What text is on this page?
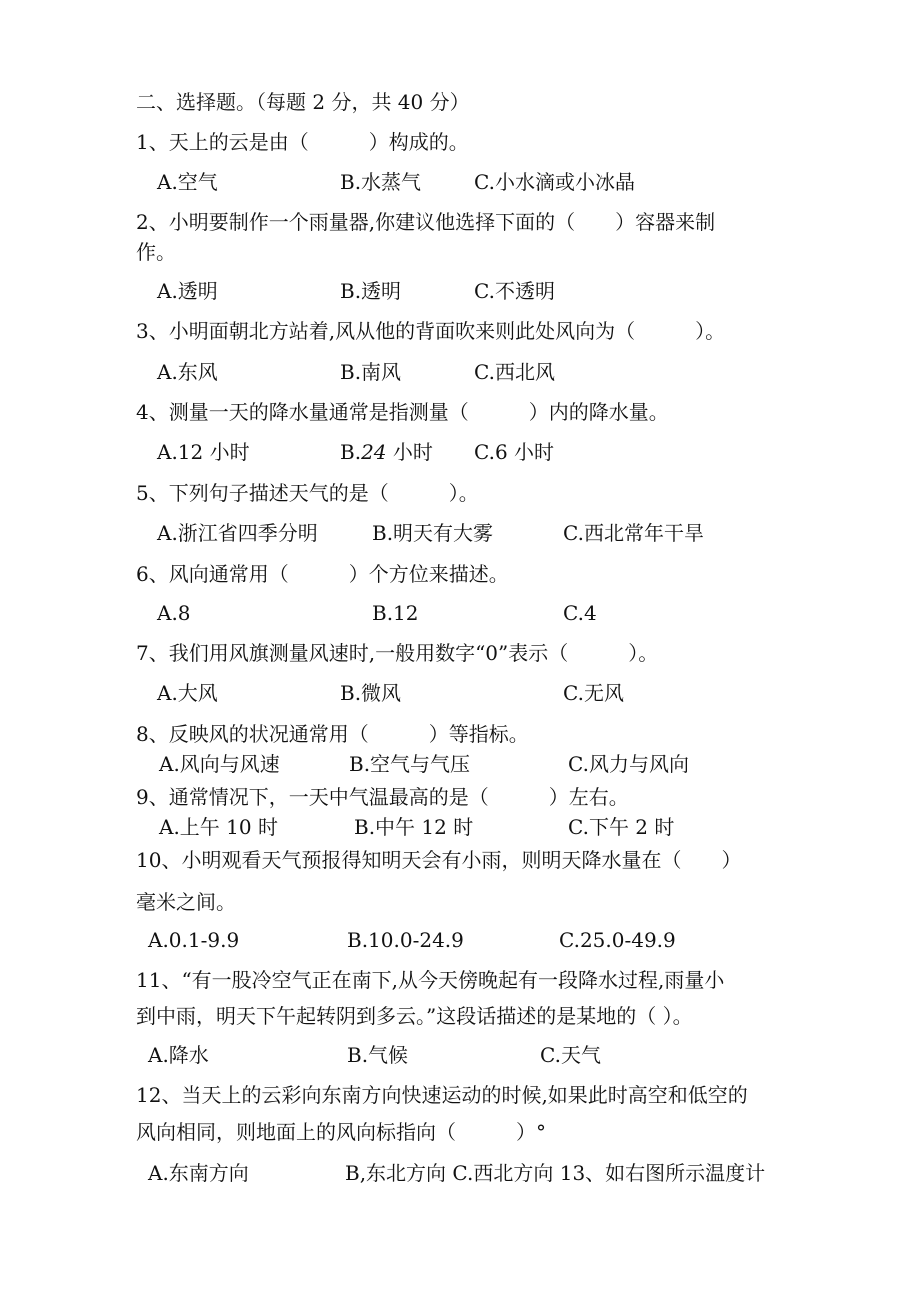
二、选择题。（每题 2 分，共 40 分）
1、天上的云是由（　　　）构成的。
A.空气	B.水蒸气	C.小水滴或小冰晶
2、小明要制作一个雨量器,你建议他选择下面的（　　）容器来制
作。
A.透明	B.透明	C.不透明
3、小明面朝北方站着,风从他的背面吹来则此处风向为（　　　）。
A.东风	B.南风	C.西北风
4、测量一天的降水量通常是指测量（　　　）内的降水量。
A.12 小时	B.24 小时 C.6 小时
5、下列句子描述天气的是（　　　）。
A.浙江省四季分明	B.明天有大雾	C.西北常年干旱
6、风向通常用（　　　）个方位来描述。
A.8	B.12	C.4
7、我们用风旗测量风速时,一般用数字“0”表示（　　　）。
A.大风	B.微风	C.无风
8、反映风的状况通常用（　　　）等指标。
A.风向与风速	B.空气与气压	C.风力与风向
9、通常情况下，一天中气温最高的是（　　　）左右。
A.上午 10 时	B.中午 12 时	C.下午 2 时
10、小明观看天气预报得知明天会有小雨，则明天降水量在（　　）
毫米之间。
A.0.1-9.9	B.10.0-24.9	C.25.0-49.9
11、“有一股冷空气正在南下,从今天傍晚起有一段降水过程,雨量小
到中雨，明天下午起转阴到多云。”这段话描述的是某地的（ ）。
A.降水	B.气候	C.天气
12、当天上的云彩向东南方向快速运动的时候,如果此时高空和低空的
风向相同，则地面上的风向标指向（　　　）°
A.东南方向	B,东北方向 C.西北方向 13、如右图所示温度计
